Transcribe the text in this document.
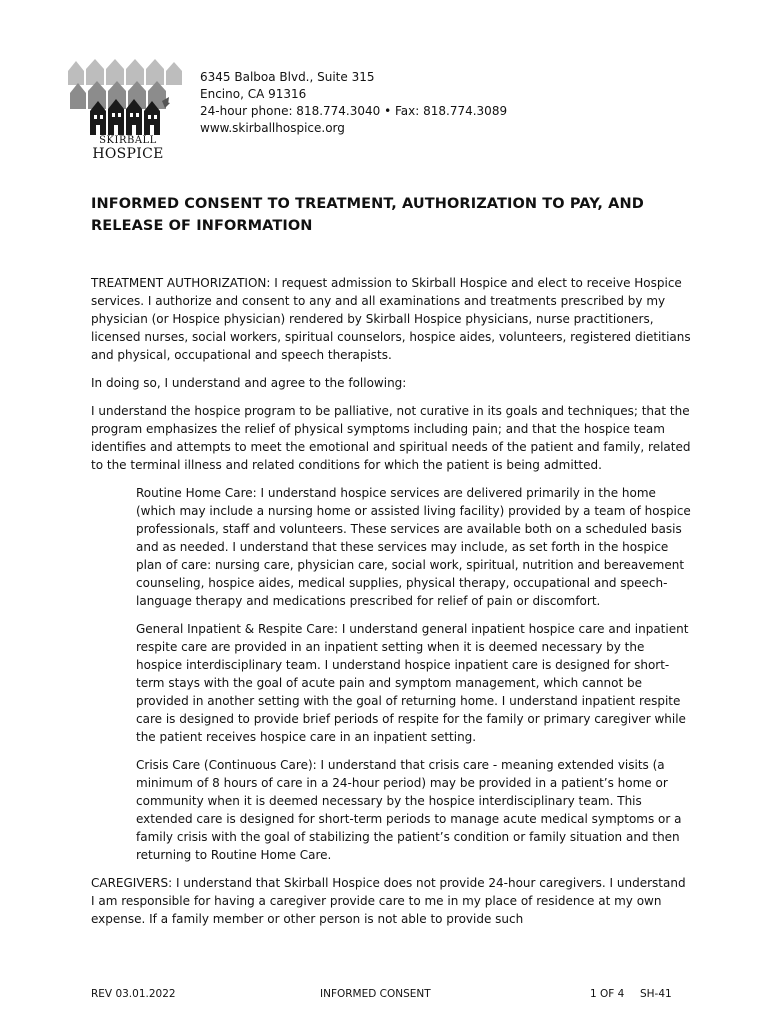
SKIRBALL
HOSPICE
6345 Balboa Blvd., Suite 315
Encino, CA 91316
24-hour phone: 818.774.3040 • Fax: 818.774.3089
www.skirballhospice.org
INFORMED CONSENT TO TREATMENT, AUTHORIZATION TO PAY, AND RELEASE OF INFORMATION

TREATMENT AUTHORIZATION: I request admission to Skirball Hospice and elect to receive Hospice services. I authorize and consent to any and all examinations and treatments prescribed by my physician (or Hospice physician) rendered by Skirball Hospice physicians, nurse practitioners, licensed nurses, social workers, spiritual counselors, hospice aides, volunteers, registered dietitians and physical, occupational and speech therapists.

In doing so, I understand and agree to the following:

I understand the hospice program to be palliative, not curative in its goals and techniques; that the program emphasizes the relief of physical symptoms including pain; and that the hospice team identifies and attempts to meet the emotional and spiritual needs of the patient and family, related to the terminal illness and related conditions for which the patient is being admitted.

Routine Home Care: I understand hospice services are delivered primarily in the home (which may include a nursing home or assisted living facility) provided by a team of hospice professionals, staff and volunteers. These services are available both on a scheduled basis and as needed. I understand that these services may include, as set forth in the hospice plan of care: nursing care, physician care, social work, spiritual, nutrition and bereavement counseling, hospice aides, medical supplies, physical therapy, occupational and speech-language therapy and medications prescribed for relief of pain or discomfort.

General Inpatient & Respite Care: I understand general inpatient hospice care and inpatient respite care are provided in an inpatient setting when it is deemed necessary by the hospice interdisciplinary team. I understand hospice inpatient care is designed for short-term stays with the goal of acute pain and symptom management, which cannot be provided in another setting with the goal of returning home. I understand inpatient respite care is designed to provide brief periods of respite for the family or primary caregiver while the patient receives hospice care in an inpatient setting.

Crisis Care (Continuous Care): I understand that crisis care - meaning extended visits (a minimum of 8 hours of care in a 24-hour period) may be provided in a patient’s home or community when it is deemed necessary by the hospice interdisciplinary team. This extended care is designed for short-term periods to manage acute medical symptoms or a family crisis with the goal of stabilizing the patient’s condition or family situation and then returning to Routine Home Care.

CAREGIVERS: I understand that Skirball Hospice does not provide 24-hour caregivers. I understand I am responsible for having a caregiver provide care to me in my place of residence at my own expense. If a family member or other person is not able to provide such

REV 03.01.2022	INFORMED CONSENT	1 OF 4 SH-41
